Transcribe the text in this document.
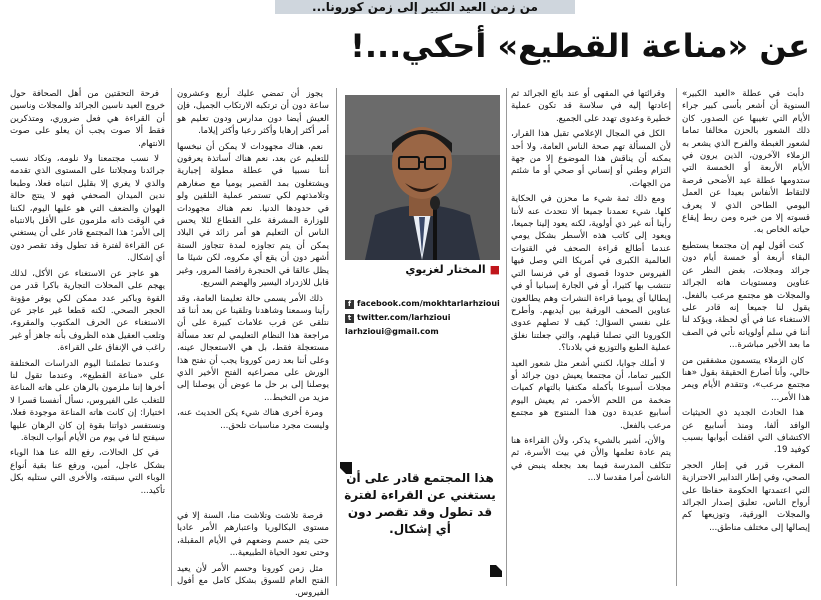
من زمن العيد الكبير إلى زمن كورونا...
عن «مناعة القطيع» أحكي...!

دأبت في عطلة «العيد الكبير» السنوية أن أشعر بأسى كبير جراء الأيام التي تغيبها عن الصدور. كان ذلك الشعور بالحزن مخالفا تماما لشعور الغبطة والفرح الذي يشعر به الزملاء الآخرون، الذين يرون في الأيام الأربعة أو الخمسة التي ستدومها عطلة عيد الأضحى فرصة لالتقاط الأنفاس بعيدا عن العمل اليومي الطاحن الذي لا يعرف قسوته إلا من خبره ومن ربط إيقاع حياته الخاص به.

كنت أقول لهم إن مجتمعا يستطيع البقاء أربعة أو خمسة أيام دون جرائد ومجلات، بغض النظر عن عناوين ومستويات هاته الجرائد والمجلات هو مجتمع مرعب بالفعل. يقول لنا جميعا إنه قادر على الاستغناء عنا في أي لحظة، ويؤكد لنا أننا في سلم أولوياته نأتي في الصف ما بعد الأخير مباشرة...

كان الزملاء يبتسمون مشفقين من حالي، وأنا أصارع الحقيقة بقول «هنا مجتمع مرعب»، وتتقدم الأيام ويمر هذا الأمر...

هذا الحادث الجديد ذي الحيثيات الوافد ألفا، ومنذ أسابيع عن الاكتشاف التي اقفلت أبوابها بسبب كوفيد 19.

المغرب قرر في إطار الحجر الصحي، وفي إطار التدابير الاحترازية التي اعتمدتها الحكومة حفاظا على أرواح الناس، تعليق إصدار الجرائد والمجلات الورقية، وتوزيعها كم إيصالها إلى مختلف مناطق...

وقرائتها في المقهى أو عند بائع الجرائد ثم إعادتها إليه في سلاسة قد تكون عملية خطيرة وعدوى تهدد على الجميع.

الكل في المجال الإعلامي تقبل هذا القرار، لأن المسألة تهم صحة الناس العامة، ولا أحد يمكنه أن يناقش هذا الموضوع إلا من جهة التزام وطني أو إنساني أو صحي أو ما شئتم من الجهات.

ومع ذلك ثمة شيء ما محزن في الحكاية كلها. شيء تعمدنا جميعا ألا نتحدث عنه لأننا رأينا أنه غير ذي أولوية، لكنه يعود إلينا جميعا، ويعود إلى كاتب هذه الأسطر بشكل يومي عندما أطالع قراءة الصحف في القنوات العالمية الكبرى في أمريكا التي وصل فيها الفيروس حدودا قصوى أو في فرنسا التي تنتشب بها كثيرا، أو في الجارة إسبانيا أو في إيطاليا أي يوميا قراءة النشرات وهم يطالعون عناوين الصحف الورقية بين أيديهم. وأطرح على نفسي السؤال: كيف لا تصلهم عدوى الكورونا التي تصلنا قبلهم، والتي جعلتنا نغلق عملية الطبع والتوزيع في بلادنا؟.

لا أملك جوابا، لكنني أشعر مثل شعور العيد الكبير تماما، أن مجتمعا يعيش دون جرائد أو مجلات أسبوعا بأكمله مكتفيا بالتهام كميات ضخمة من اللحم الأحمر، ثم يعيش اليوم أسابيع عديدة دون هذا المنتوج هو مجتمع مرعب بالفعل.

والأن، أشير بالشيء يذكر، ولأن القراءة هنا يتم عادة تعلمها والأن في بيت الأسرة، ثم تتكلف المدرسة فيما بعد بجعله ينبض في الناشئ أمرا مقدسا لا...

■المختار لغزيوي
f facebook.com/mokhtarlarhzioui
t twitter.com/larhzioui
larhzioui@gmail.com
هذا المجتمع قادر على أن يستغني عن القراءة لفترة قد تطول وقد تقصر دون أي إشكال.

يجوز أن تمضي عليك أربع وعشرون ساعة دون أن ترتكبه الارتكاب الجميل، فإن العيش أيضا دون مدارس ودون تعليم هو أمر أكثر إرهابا وأكثر رعبا وأكثر إيلاما.

نعم، هناك مجهودات لا يمكن أن نبخسها للتعليم عن بعد، نعم هناك أساتذة يعرفون أننا نسبيا في عطلة مطولة إجبارية ويشتغلون بمد القصير يوميا مع صغارهم وتلامذتهم لكي تستمر عملية التلقين ولو في حدودها الدنيا. نعم هناك مجهودات للوزارة المشرفة على القطاع لئلا يحس الناس أن التعليم هو أمر زائد في البلاد يمكن أن يتم تجاوزه لمدة تتجاوز الستة أشهر دون أن يقع أي مكروه، لكن شيئا ما يظل عالقا في الحنجرة رافضا المرور، وغير قابل للازدراد اليسير والهضم السريع.

ذلك الأمر يسمى حالة تعليمنا العامة، وقد رأينا وسمعنا وشاهدنا وتلقينا عن بعد أننا قد نتلقى عن قرب علامات كبيرة على أن مراجعة هذا النظام التعليمي لم تعد مسألة مستعجلة فقط، بل هي الاستعجال عينه، وعلى أننا بعد زمن كورونا يجب أن نفتح هذا الورش على مصراعيه الفتح الأخير الذي يوصلنا إلى بر حل ما عوض أن يوصلنا إلى مزيد من التخبط...

ومرة أخرى هناك شيء يكن الحديث عنه، وليست مجرد مناسبات تلحق...

فرصة تلاشت وتلاشت منا، السنة إلا في مستوى البكالوريا واعتبارهم الأمر عاديا حتى يتم حسم وضعهم في الأيام المقبلة، وحتى تعود الحياة الطبيعية...

مثل زمن كورونا وحسم الأمر لأن يعيد الفتح العام للسوق بشكل كامل مع أفول الفيروس.

فرحة التحقتين من أهل الصحافة حول خروج العيد ناسين الجرائد والمجلات وناسين أن القراءة هي فعل ضروري، ومتذكرين فقط ألا صوت يجب أن يعلو على صوت الانتهام.

لا نسب مجتمعنا ولا نلومه، ونكاد نسب جرائدنا ومجلاتنا على المستوى الذي تقدمه والذي لا يغري إلا بقليل انتباه فعلا، وطبعا ندين الميدان الصحفي فهو لا ينتج حالة الهوان والضعف التي هو عليها اليوم، لكننا في الوقت ذاته ملزمون على الأقل بالانتباه إلى الأمر: هذا المجتمع قادر على أن يستغني عن القراءة لفترة قد تطول وقد تقصر دون أي إشكال.

هو عاجز عن الاستغناء عن الأكل، لذلك يهجم على المحلات التجارية باكرا قدر من القوة وباكبر عدد ممكن لكي يوفر مؤونة الحجر الصحي. لكنه قطعا غير عاجز عن الاستغناء عن الحرف المكتوب والمقروء، وتلعب العقيل هذه الظروف بأنه جاهز أو غير راغب في الإنفاق على القراءة.

وعندما تطمئننا اليوم الدراسات المختلفة على «مناعة القطيع»، وعندما تقول لنا أخرها إننا ملزمون بالرهان على هاته المناعة للتغلب على الفيروس، نسأل أنفسنا قسرا لا اختيارا: إن كانت هاته المناعة موجودة فعلا، ونستفسر ذواتنا بقوة إن كان الرهان عليها سيفتح لنا في يوم من الأيام أبواب النجاة.

في كل الحالات، رفع الله عنا هذا الوباء بشكل عاجل، أمين، ورفع عنا بقية أنواع الوباء التي سبقته، والأخرى التي ستليه بكل تأكيد...
